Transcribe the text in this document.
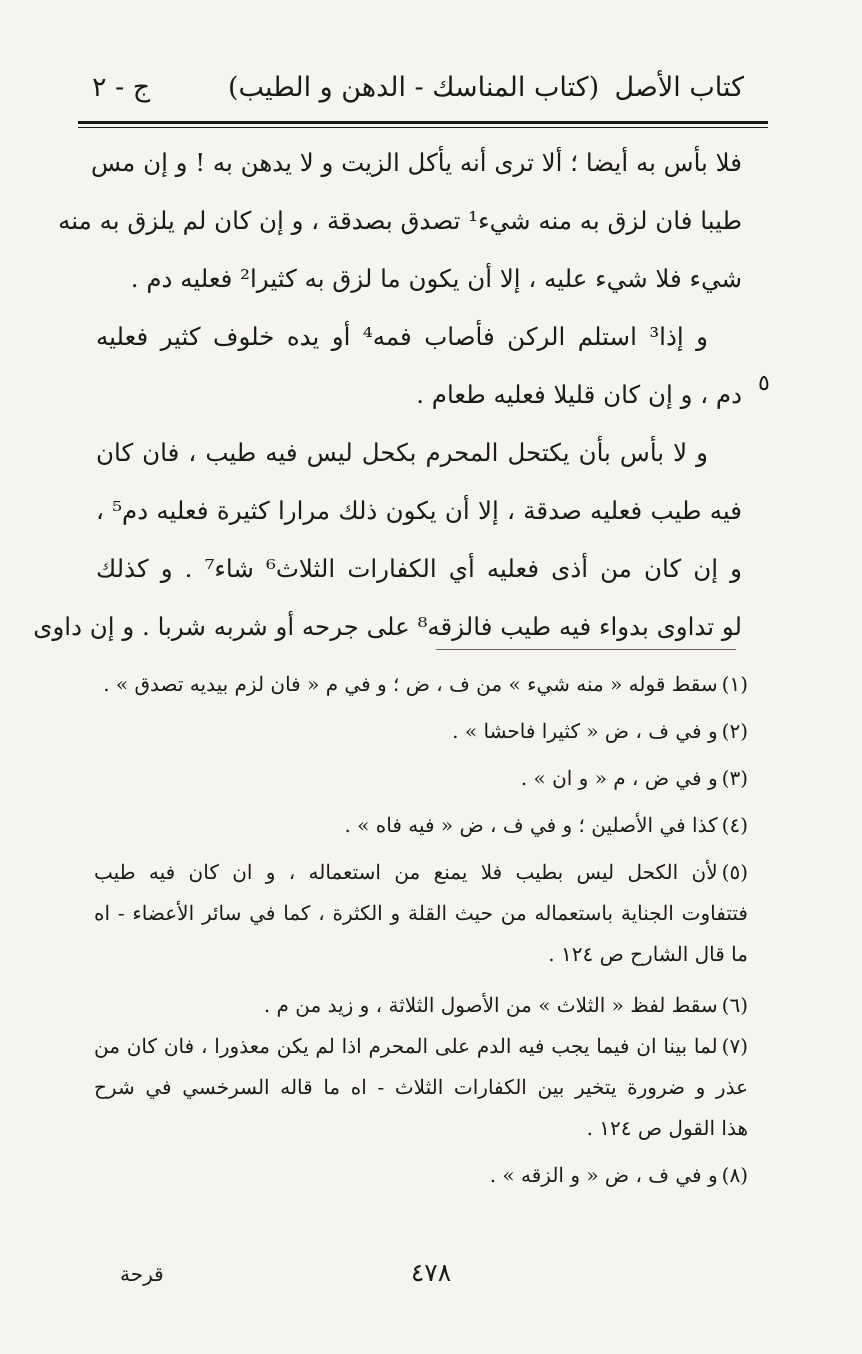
كتاب الأصل
(كتاب المناسك - الدهن و الطيب)
ج - ٢
فلا بأس به أيضا ؛ ألا ترى أنه يأكل الزيت و لا يدهن به ! و إن مس
طيبا فان لزق به منه شيء¹ تصدق بصدقة ، و إن كان لم يلزق به منه
شيء فلا شيء عليه ، إلا أن يكون ما لزق به كثيرا² فعليه دم .
و إذا³ استلم الركن فأصاب فمه⁴ أو يده خلوف كثير فعليه
دم ، و إن كان قليلا فعليه طعام .
و لا بأس بأن يكتحل المحرم بكحل ليس فيه طيب ، فان كان
فيه طيب فعليه صدقة ، إلا أن يكون ذلك مرارا كثيرة فعليه دم⁵ ،
و إن كان من أذى فعليه أي الكفارات الثلاث⁶ شاء⁷ . و كذلك
لو تداوى بدواء فيه طيب فالزقه⁸ على جرحه أو شربه شربا . و إن داوى
٥
(١)سقط قوله « منه شيء » من ف ، ض ؛ و في م « فان لزم بيديه تصدق » .
(٢)و في ف ، ض « كثيرا فاحشا » .
(٣)و في ض ، م « و ان » .
(٤)كذا في الأصلين ؛ و في ف ، ض « فيه فاه » .
(٥)لأن الكحل ليس بطيب فلا يمنع من استعماله ، و ان كان فيه طيب
فتتفاوت الجناية باستعماله من حيث القلة و الكثرة ، كما في سائر الأعضاء - اه
ما قال الشارح ص ١٢٤ .
(٦)سقط لفظ « الثلاث » من الأصول الثلاثة ، و زيد من م .
(٧)لما بينا ان فيما يجب فيه الدم على المحرم اذا لم يكن معذورا ، فان كان من
عذر و ضرورة يتخير بين الكفارات الثلاث - اه ما قاله السرخسي في شرح
هذا القول ص ١٢٤ .
(٨)و في ف ، ض « و الزقه » .
٤٧٨
قرحة
